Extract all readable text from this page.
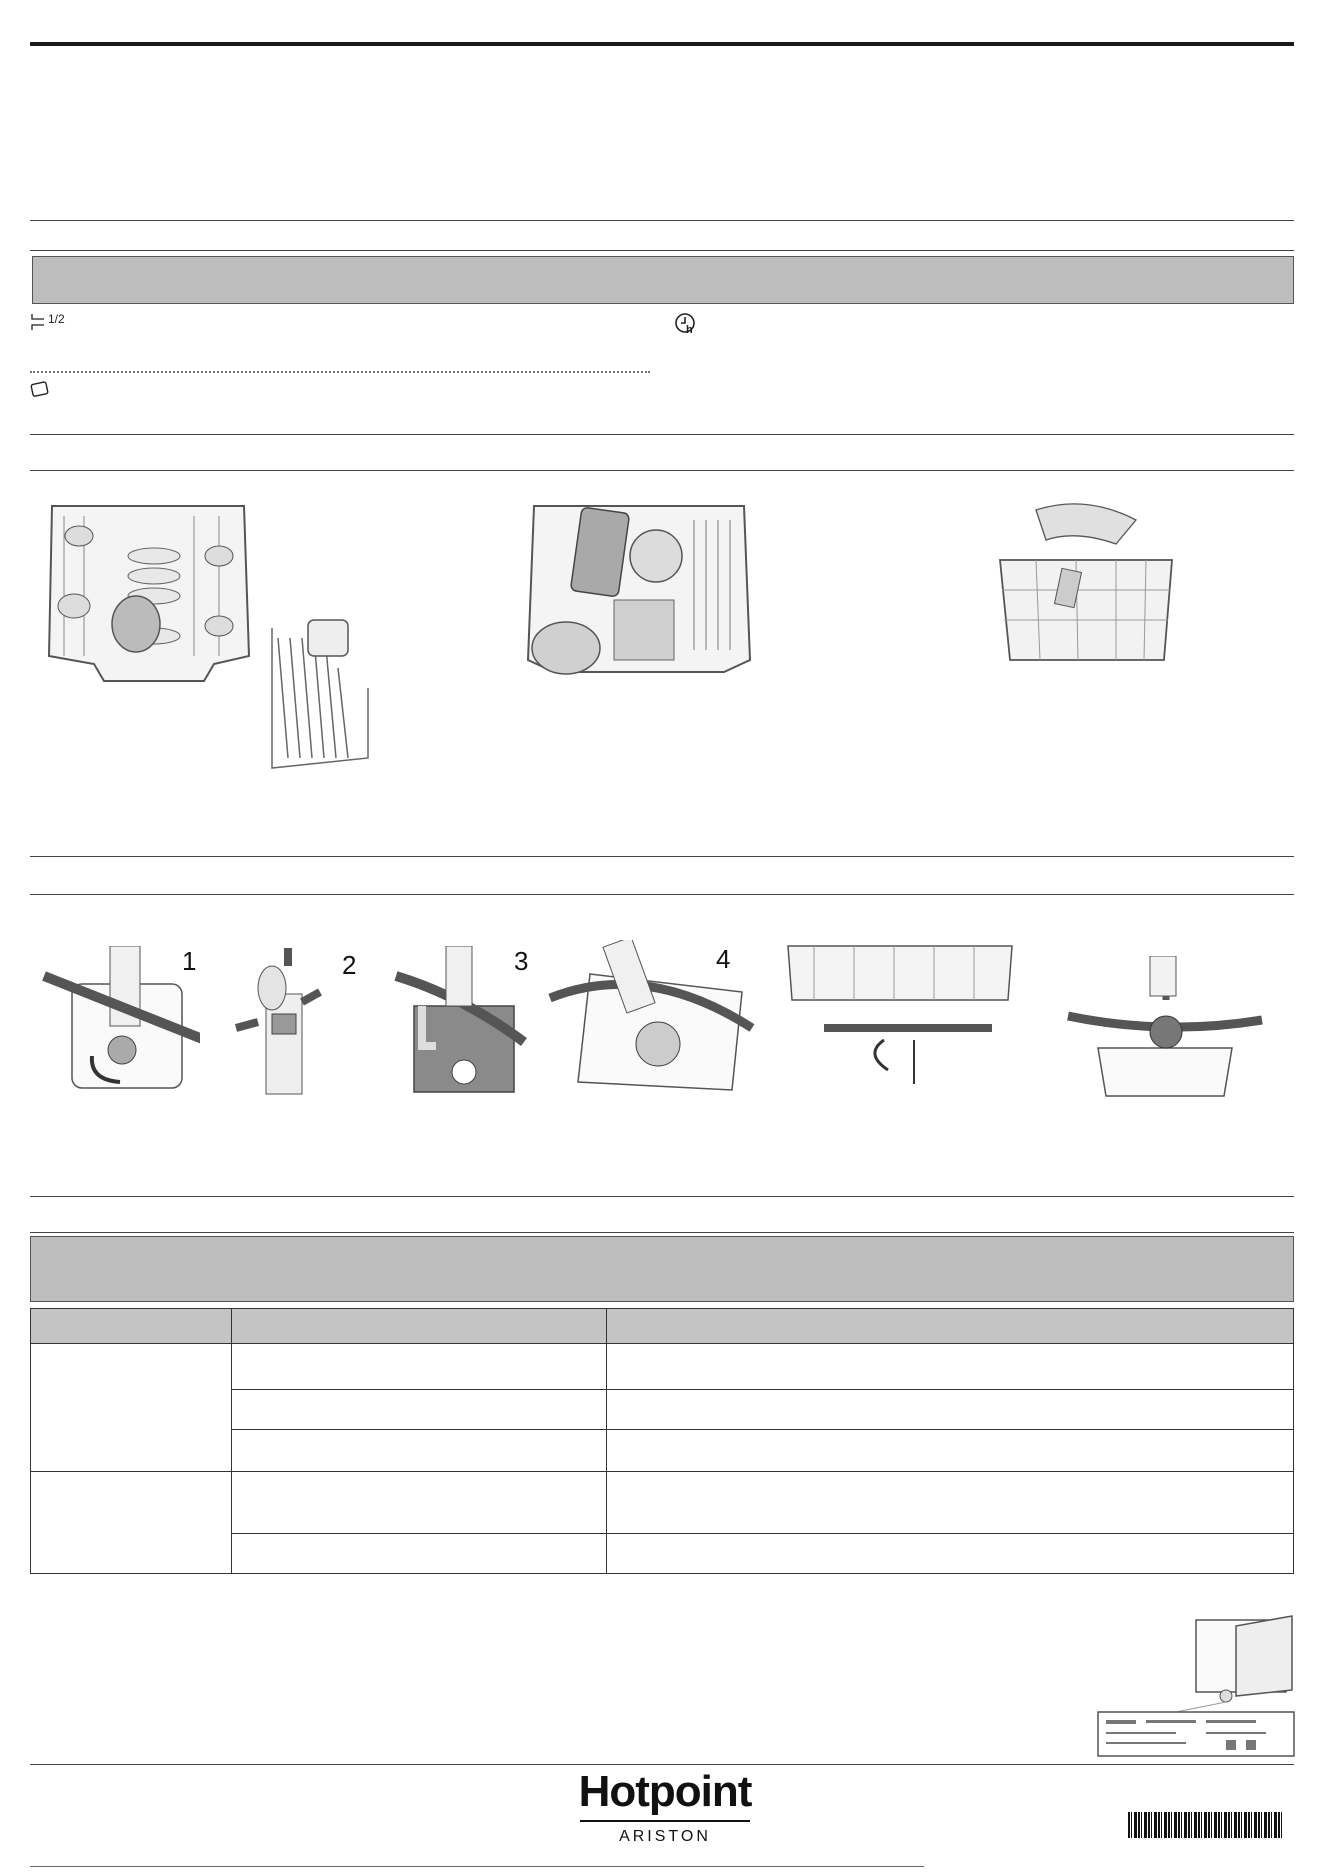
1/2
h
1	2	3	4

Hotpoint
ARISTON
